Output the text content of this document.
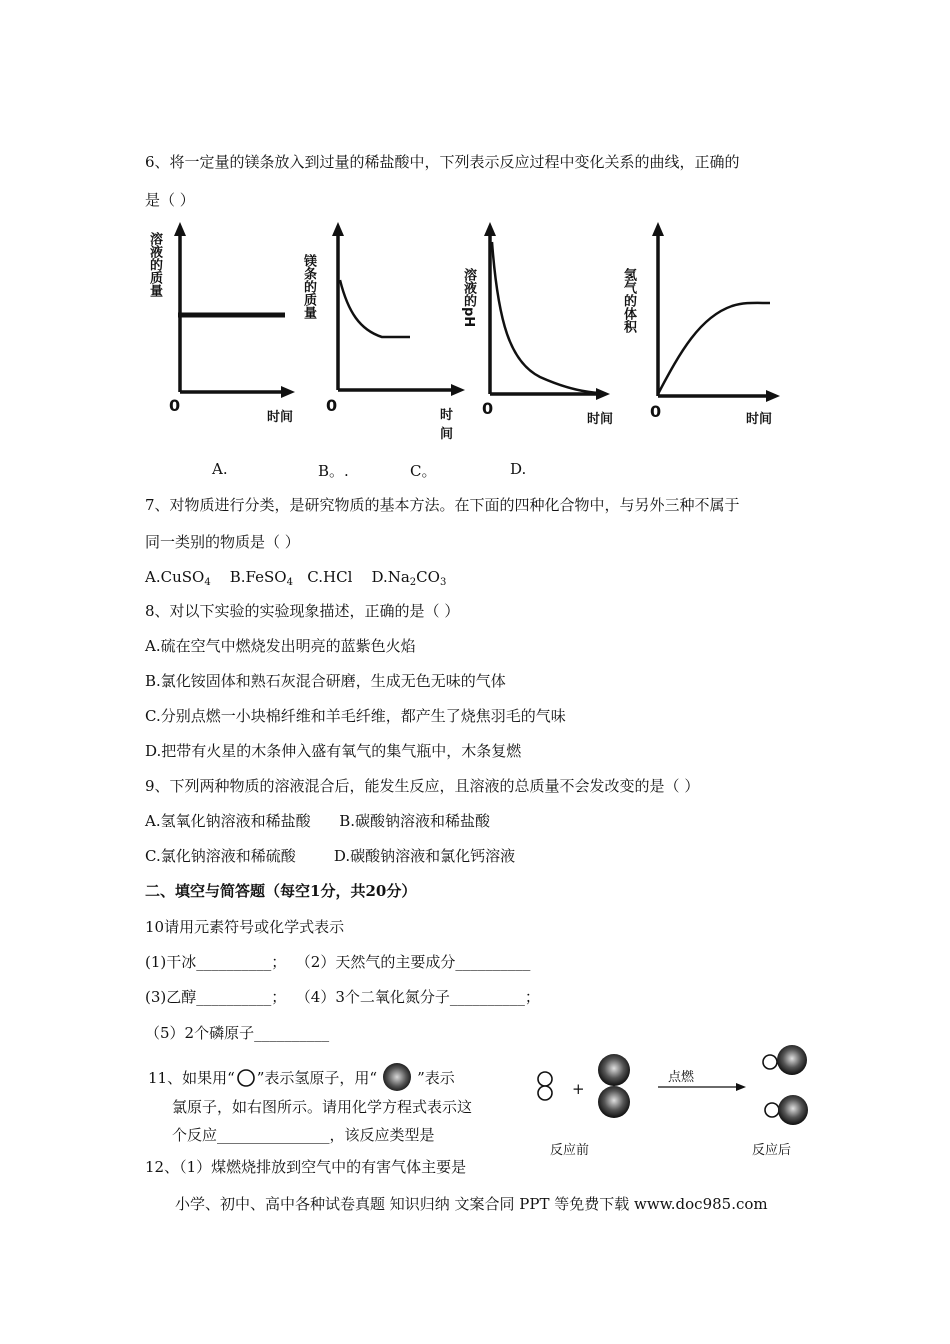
6、将一定量的镁条放入到过量的稀盐酸中，下列表示反应过程中变化关系的曲线，正确的
是（ ）
溶液的质量
0
时间
镁条的质量
0
时间
溶液的pH
0
时间
氢气的体积
0	时间
A.	B。.	C。	D.
7、对物质进行分类，是研究物质的基本方法。在下面的四种化合物中，与另外三种不属于
同一类别的物质是（ ）
A.CuSO$_4$ B.FeSO$_4$ C.HCl $D.Na_2CO_3$
8、对以下实验的实验现象描述，正确的是（ ）
A.硫在空气中燃烧发出明亮的蓝紫色火焰
B.氯化铵固体和熟石灰混合研磨，生成无色无味的气体
C.分别点燃一小块棉纤维和羊毛纤维，都产生了烧焦羽毛的气味
D.把带有火星的木条伸入盛有氧气的集气瓶中，木条复燃
9、下列两种物质的溶液混合后，能发生反应，且溶液的总质量不会发改变的是（ ）
A.氢氧化钠溶液和稀盐酸      B.碳酸钠溶液和稀盐酸
C.氯化钠溶液和稀硫酸        D.碳酸钠溶液和氯化钙溶液
二、填空与简答题（每空1分，共20分）
10请用元素符号或化学式表示
(1)干冰__________；  （2）天然气的主要成分__________
(3)乙醇__________；  （4）3个二氧化氮分子__________；
（5）2个磷原子__________
11、如果用“ ”表示氢原子，用“	”表示
氯原子，如右图所示。请用化学方程式表示这
个反应_______________，该反应类型是
+
点燃
反应前	反应后
12、（1）煤燃烧排放到空气中的有害气体主要是
小学、初中、高中各种试卷真题 知识归纳 文案合同 PPT 等免费下载 www.doc985.com
